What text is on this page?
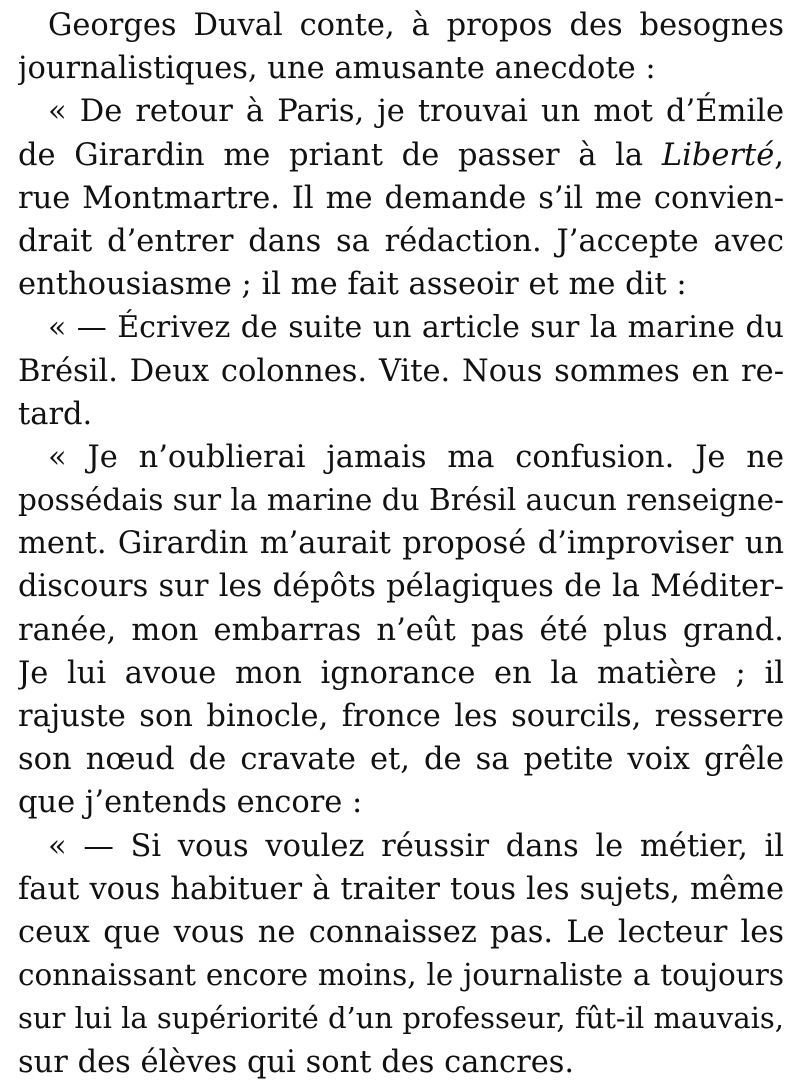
Georges Duval conte, à propos des besognes
journalistiques, une amusante anecdote :
« De retour à Paris, je trouvai un mot d’Émile
de Girardin me priant de passer à la Liberté,
rue Montmartre. Il me demande s’il me convien-
drait d’entrer dans sa rédaction. J’accepte avec
enthousiasme ; il me fait asseoir et me dit :
« — Écrivez de suite un article sur la marine du
Brésil. Deux colonnes. Vite. Nous sommes en re-
tard.
« Je n’oublierai jamais ma confusion. Je ne
possédais sur la marine du Brésil aucun renseigne-
ment. Girardin m’aurait proposé d’improviser un
discours sur les dépôts pélagiques de la Méditer-
ranée, mon embarras n’eût pas été plus grand.
Je lui avoue mon ignorance en la matière ; il
rajuste son binocle, fronce les sourcils, resserre
son nœud de cravate et, de sa petite voix grêle
que j’entends encore :
« — Si vous voulez réussir dans le métier, il
faut vous habituer à traiter tous les sujets, même
ceux que vous ne connaissez pas. Le lecteur les
connaissant encore moins, le journaliste a toujours
sur lui la supériorité d’un professeur, fût-il mauvais,
sur des élèves qui sont des cancres.
